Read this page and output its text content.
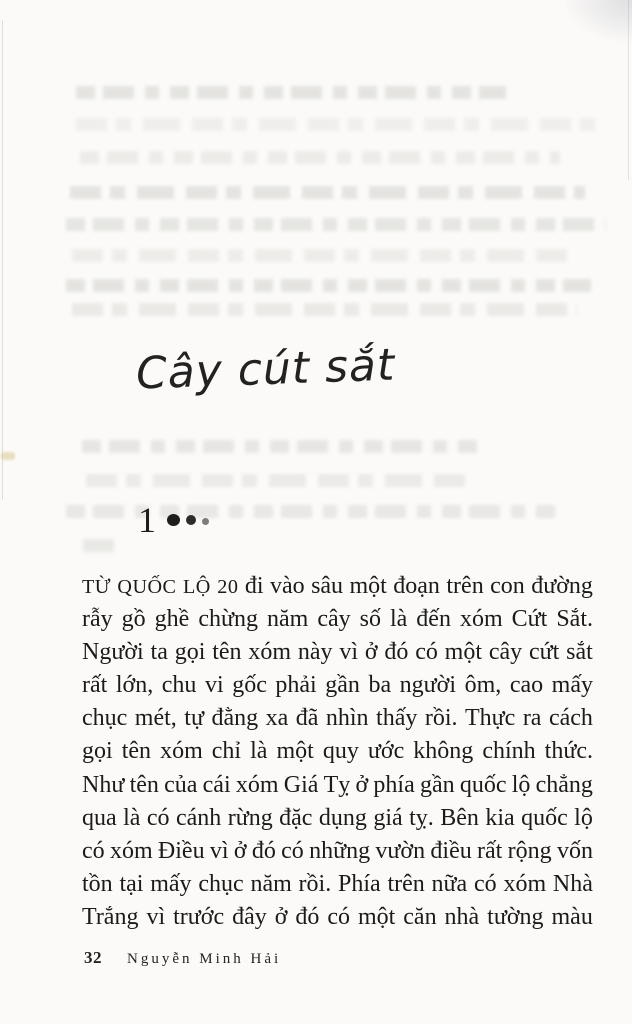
Cây cút sắt
1
TỪ QUỐC LỘ 20 đi vào sâu một đoạn trên con đường
rẫy gồ ghề chừng năm cây số là đến xóm Cứt Sắt.
Người ta gọi tên xóm này vì ở đó có một cây cứt sắt
rất lớn, chu vi gốc phải gần ba người ôm, cao mấy
chục mét, tự đằng xa đã nhìn thấy rồi. Thực ra cách
gọi tên xóm chỉ là một quy ước không chính thức.
Như tên của cái xóm Giá Tỵ ở phía gần quốc lộ chẳng
qua là có cánh rừng đặc dụng giá tỵ. Bên kia quốc lộ
có xóm Điều vì ở đó có những vườn điều rất rộng vốn
tồn tại mấy chục năm rồi. Phía trên nữa có xóm Nhà
Trắng vì trước đây ở đó có một căn nhà tường màu
32 Nguyễn Minh Hải
